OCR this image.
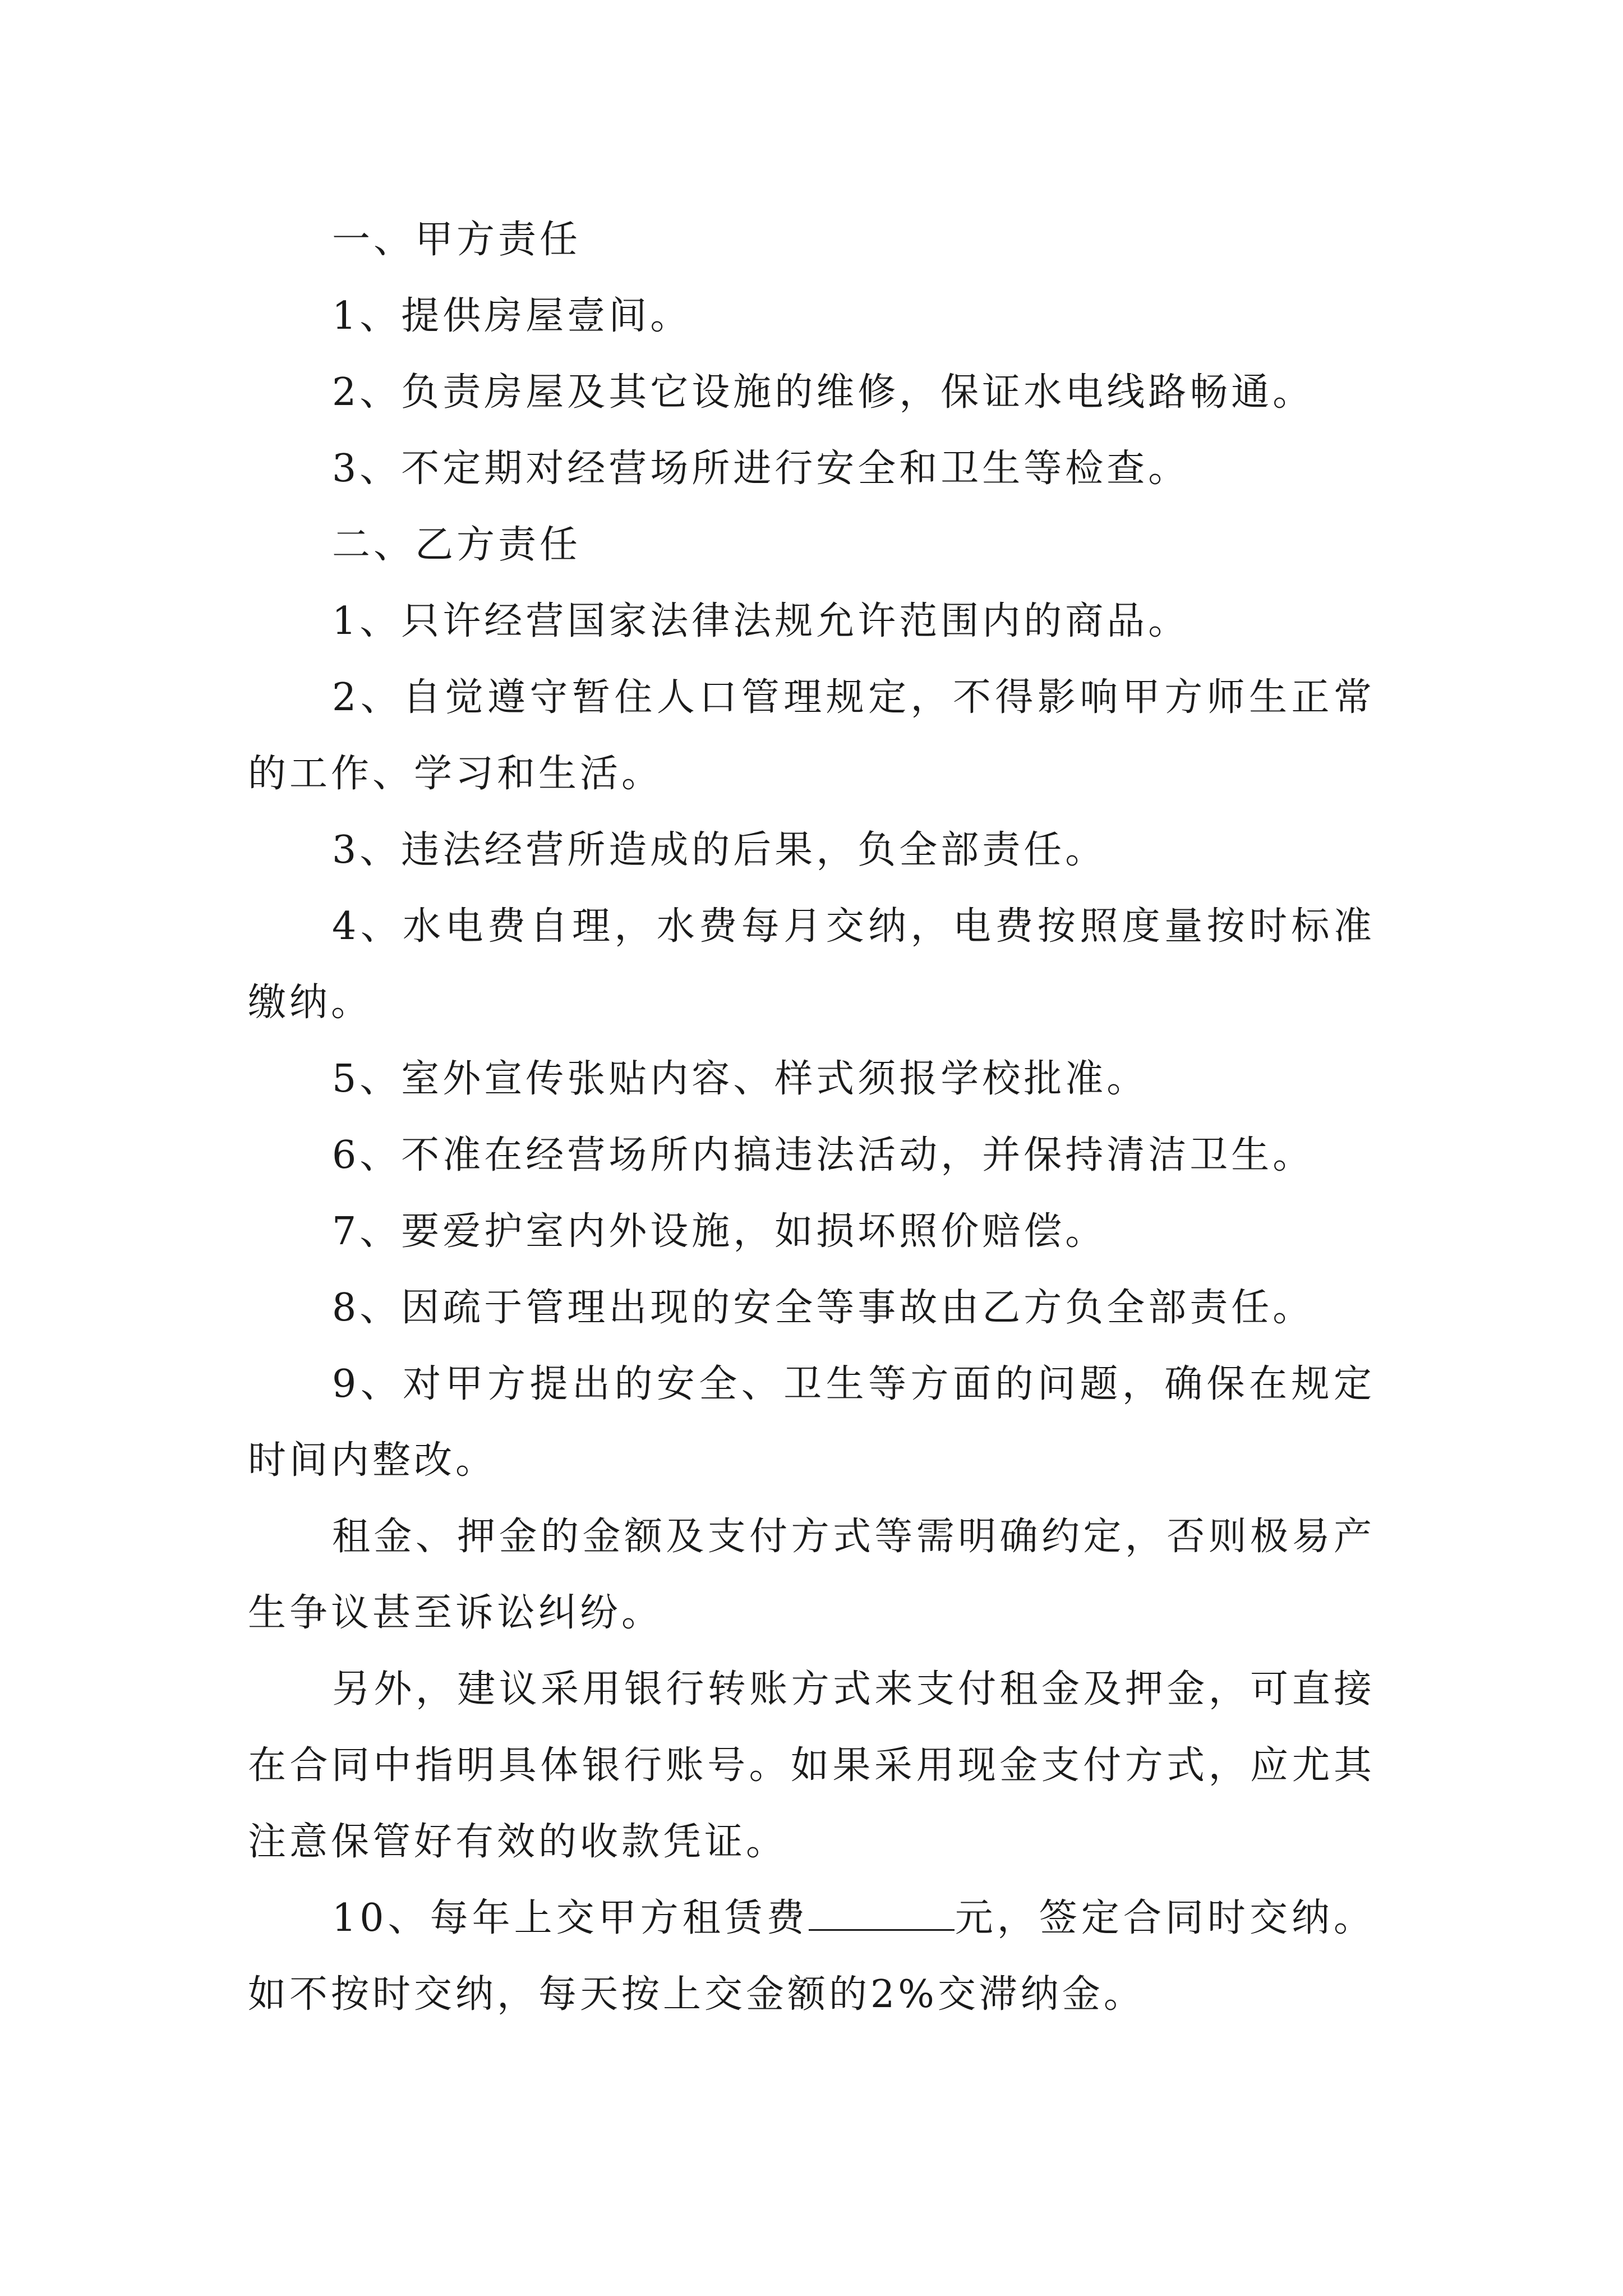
一、甲方责任

1、提供房屋壹间。

2、负责房屋及其它设施的维修，保证水电线路畅通。

3、不定期对经营场所进行安全和卫生等检查。

二、乙方责任

1、只许经营国家法律法规允许范围内的商品。

2、自觉遵守暂住人口管理规定，不得影响甲方师生正常的工作、学习和生活。

3、违法经营所造成的后果，负全部责任。

4、水电费自理，水费每月交纳，电费按照度量按时标准缴纳。

5、室外宣传张贴内容、样式须报学校批准。

6、不准在经营场所内搞违法活动，并保持清洁卫生。

7、要爱护室内外设施，如损坏照价赔偿。

8、因疏于管理出现的安全等事故由乙方负全部责任。

9、对甲方提出的安全、卫生等方面的问题，确保在规定时间内整改。

租金、押金的金额及支付方式等需明确约定，否则极易产生争议甚至诉讼纠纷。

另外，建议采用银行转账方式来支付租金及押金，可直接在合同中指明具体银行账号。如果采用现金支付方式，应尤其注意保管好有效的收款凭证。

10、每年上交甲方租赁费	元，签定合同时交纳。如不按时交纳，每天按上交金额的2%交滞纳金。
